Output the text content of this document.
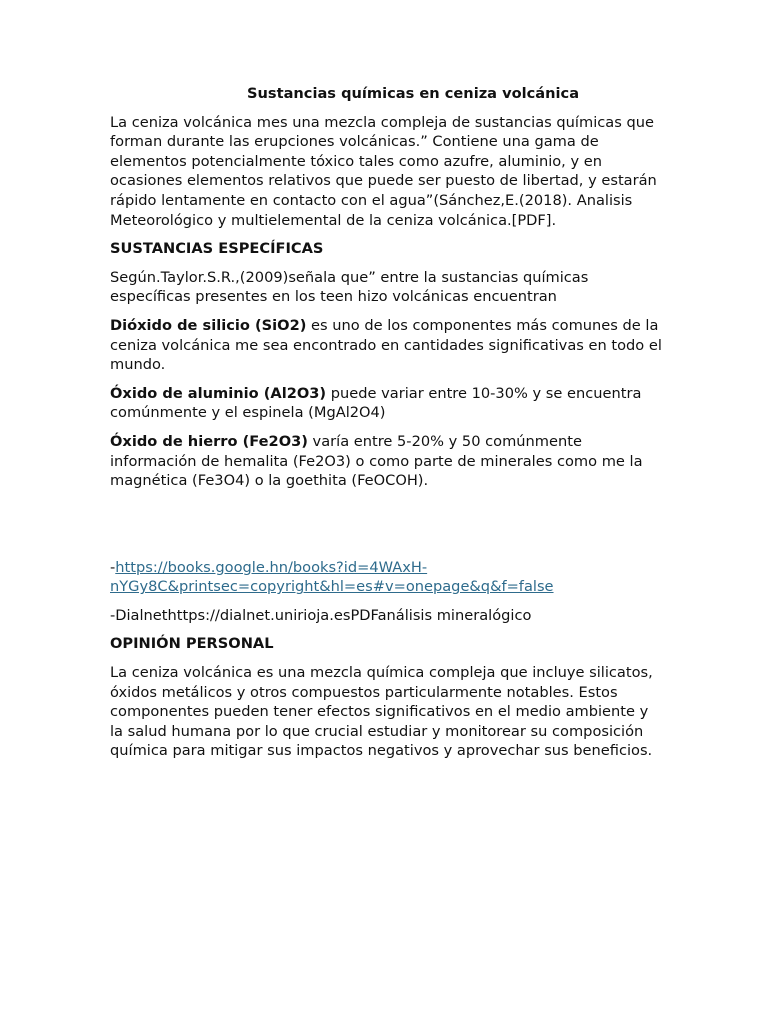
Sustancias químicas en ceniza volcánica

La ceniza volcánica mes una mezcla compleja de sustancias químicas que forman durante las erupciones volcánicas.” Contiene una gama de elementos potencialmente tóxico tales como azufre, aluminio, y en ocasiones elementos relativos que puede ser puesto de libertad, y estarán rápido lentamente en contacto con el agua”(Sánchez,E.(2018). Analisis Meteorológico y multielemental de la ceniza volcánica.[PDF].

SUSTANCIAS ESPECÍFICAS

Según.Taylor.S.R.,(2009)señala que” entre la sustancias químicas específicas presentes en los teen hizo volcánicas encuentran

Dióxido de silicio (SiO2) es uno de los componentes más comunes de la ceniza volcánica me sea encontrado en cantidades significativas en todo el mundo.

Óxido de aluminio (Al2O3) puede variar entre 10-30% y se encuentra comúnmente y el espinela (MgAl2O4)

Óxido de hierro (Fe2O3) varía entre 5-20% y 50 comúnmente información de hemalita (Fe2O3) o como parte de minerales como me la magnética (Fe3O4) o la goethita (FeOCOH).

-https://books.google.hn/books?id=4WAxH-nYGy8C&printsec=copyright&hl=es#v=onepage&q&f=false

-Dialnethttps://dialnet.unirioja.esPDFanálisis mineralógico

OPINIÓN PERSONAL

La ceniza volcánica es una mezcla química compleja que incluye silicatos, óxidos metálicos y otros compuestos particularmente notables. Estos componentes pueden tener efectos significativos en el medio ambiente y la salud humana por lo que crucial estudiar y monitorear su composición química para mitigar sus impactos negativos y aprovechar sus beneficios.
